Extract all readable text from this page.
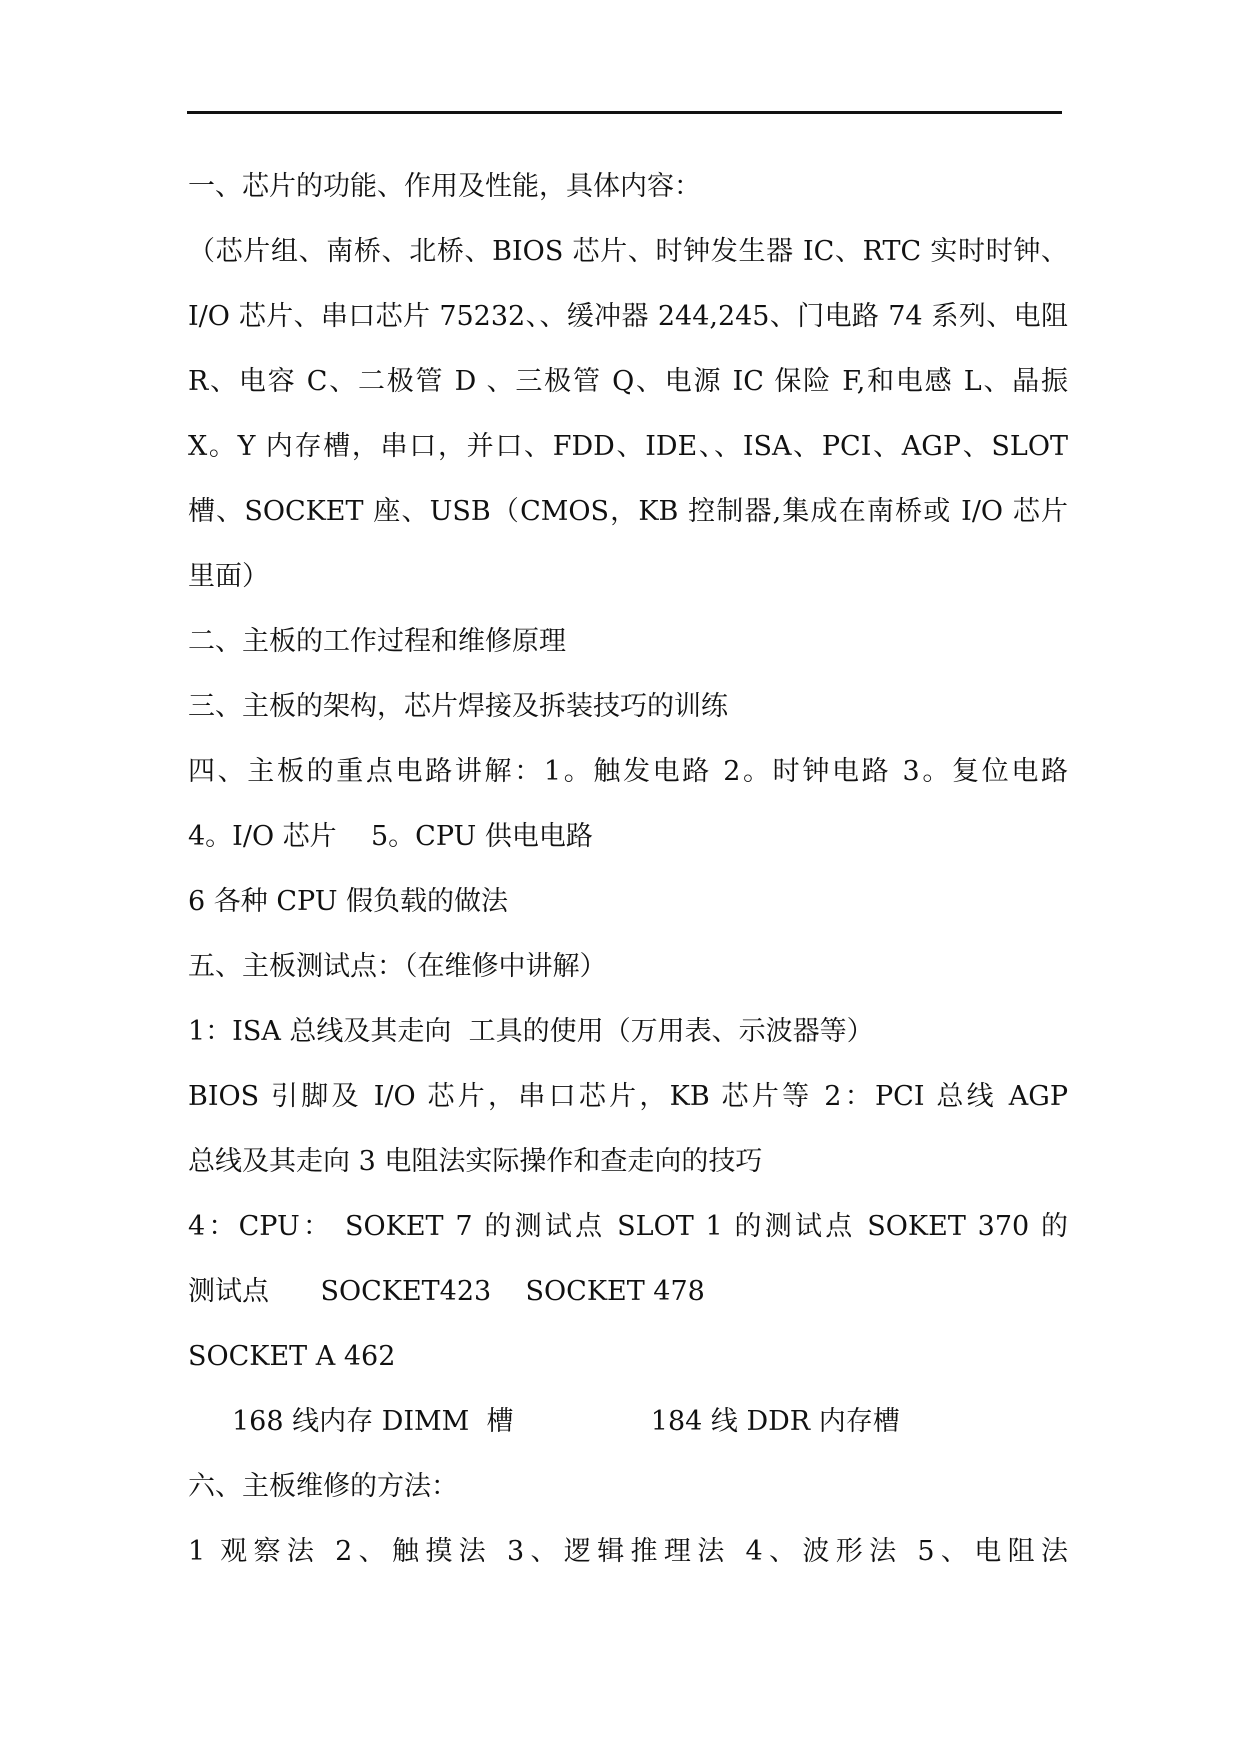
一、芯片的功能、作用及性能，具体内容：
（芯片组、南桥、北桥、BIOS 芯片、时钟发生器 IC、RTC 实时时钟、
I/O 芯片、串口芯片 75232、、缓冲器 244,245、门电路 74 系列、电阻
R、电容 C、二极管 D 、三极管 Q、电源 IC 保险 F,和电感 L、晶振
X。Y 内存槽，串口，并口、FDD、IDE、、ISA、PCI、AGP、SLOT
槽、SOCKET 座、USB（CMOS，KB 控制器,集成在南桥或 I/O 芯片
里面）
二、主板的工作过程和维修原理
三、主板的架构，芯片焊接及拆装技巧的训练
四、主板的重点电路讲解：1。触发电路 2。时钟电路 3。复位电路
4。I/O 芯片    5。CPU 供电电路
6 各种 CPU 假负载的做法
五、主板测试点：（在维修中讲解）
1：ISA 总线及其走向  工具的使用（万用表、示波器等）
BIOS 引脚及 I/O 芯片，串口芯片，KB 芯片等 2：PCI 总线 AGP
总线及其走向 3 电阻法实际操作和查走向的技巧
4：CPU： SOKET 7 的测试点 SLOT 1 的测试点 SOKET 370 的
测试点      SOCKET423    SOCKET 478
SOCKET A 462
168 线内存 DIMM  槽                184 线 DDR 内存槽
六、主板维修的方法：
1 观察法 2、触摸法 3、逻辑推理法 4、波形法 5、电阻法
